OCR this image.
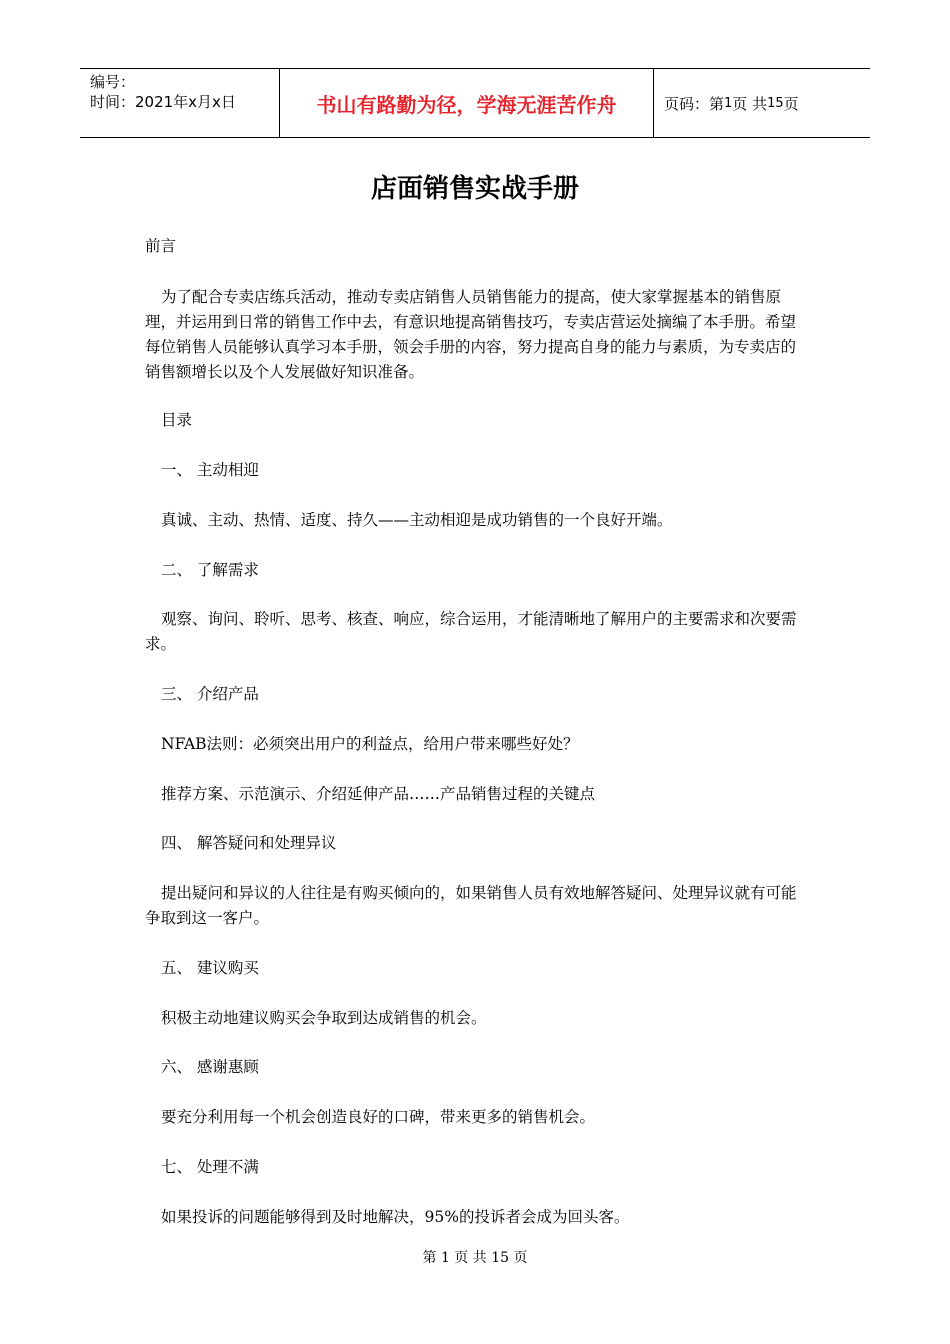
编号：
时间：2021年x月x日	书山有路勤为径，学海无涯苦作舟	页码：第 1 页 共 15 页
店面销售实战手册
前言
为了配合专卖店练兵活动，推动专卖店销售人员销售能力的提高，使大家掌握基本的销售原理，并运用到日常的销售工作中去，有意识地提高销售技巧，专卖店营运处摘编了本手册。希望每位销售人员能够认真学习本手册，领会手册的内容，努力提高自身的能力与素质，为专卖店的销售额增长以及个人发展做好知识准备。
目录
一、 主动相迎
真诚、主动、热情、适度、持久——主动相迎是成功销售的一个良好开端。
二、 了解需求
观察、询问、聆听、思考、核查、响应，综合运用，才能清晰地了解用户的主要需求和次要需求。
三、 介绍产品
NFAB法则：必须突出用户的利益点，给用户带来哪些好处？
推荐方案、示范演示、介绍延伸产品……产品销售过程的关键点
四、 解答疑问和处理异议
提出疑问和异议的人往往是有购买倾向的，如果销售人员有效地解答疑问、处理异议就有可能争取到这一客户。
五、 建议购买
积极主动地建议购买会争取到达成销售的机会。
六、 感谢惠顾
要充分利用每一个机会创造良好的口碑，带来更多的销售机会。
七、 处理不满
如果投诉的问题能够得到及时地解决，95%的投诉者会成为回头客。
第 1 页 共 15 页
